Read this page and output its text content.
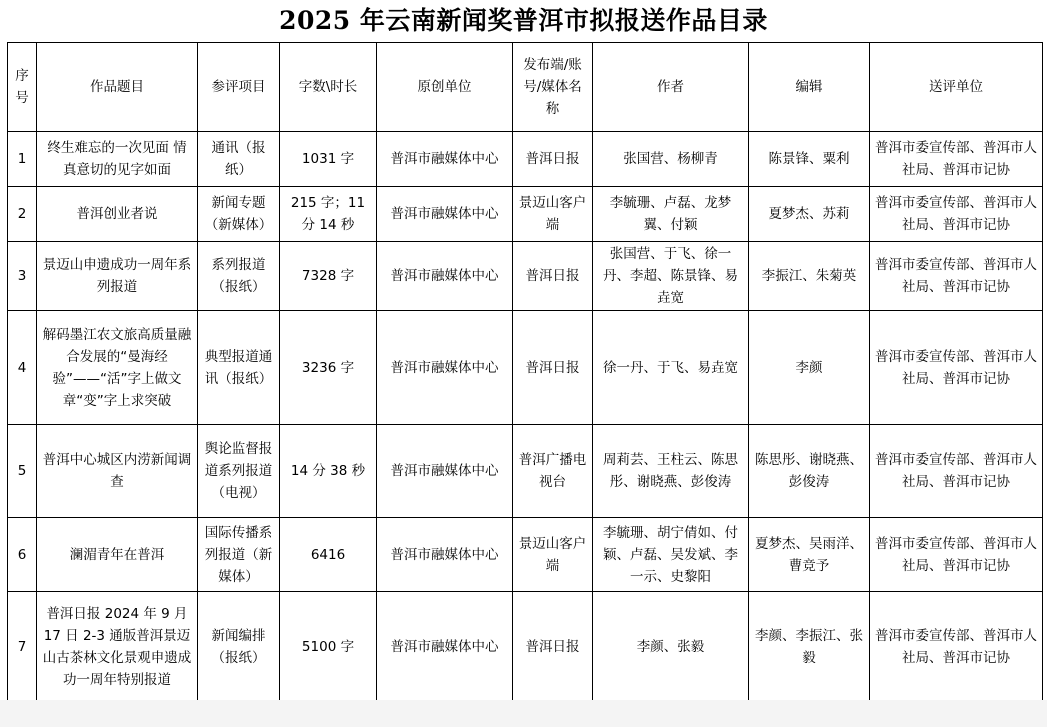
2025 年云南新闻奖普洱市拟报送作品目录
序号	作品题目	参评项目	字数\时长	原创单位	发布端/账号/媒体名称	作者	编辑	送评单位
1	终生难忘的一次见面 情真意切的见字如面	通讯（报纸）	1031 字	普洱市融媒体中心	普洱日报	张国营、杨柳青	陈景锋、粟利	普洱市委宣传部、普洱市人社局、普洱市记协
2	普洱创业者说	新闻专题（新媒体）	215 字；11 分 14 秒	普洱市融媒体中心	景迈山客户端	李毓珊、卢磊、龙梦翼、付颖	夏梦杰、苏莉	普洱市委宣传部、普洱市人社局、普洱市记协
3	景迈山申遗成功一周年系列报道	系列报道（报纸）	7328 字	普洱市融媒体中心	普洱日报	张国营、于飞、徐一丹、李超、陈景锋、易垚宽	李振江、朱菊英	普洱市委宣传部、普洱市人社局、普洱市记协
4	解码墨江农文旅高质量融合发展的“曼海经验”——“活”字上做文章“变”字上求突破	典型报道通讯（报纸）	3236 字	普洱市融媒体中心	普洱日报	徐一丹、于飞、易垚宽	李颜	普洱市委宣传部、普洱市人社局、普洱市记协
5	普洱中心城区内涝新闻调查	舆论监督报道系列报道（电视）	14 分 38 秒	普洱市融媒体中心	普洱广播电视台	周莉芸、王柱云、陈思彤、谢晓燕、彭俊涛	陈思彤、谢晓燕、彭俊涛	普洱市委宣传部、普洱市人社局、普洱市记协
6	澜湄青年在普洱	国际传播系列报道（新媒体）	6416	普洱市融媒体中心	景迈山客户端	李毓珊、胡宁倩如、付颖、卢磊、吴发斌、李一示、史黎阳	夏梦杰、吴雨洋、曹竞予	普洱市委宣传部、普洱市人社局、普洱市记协
7	普洱日报 2024 年 9 月 17 日 2-3 通版普洱景迈山古茶林文化景观申遗成功一周年特别报道	新闻编排（报纸）	5100 字	普洱市融媒体中心	普洱日报	李颜、张毅	李颜、李振江、张毅	普洱市委宣传部、普洱市人社局、普洱市记协
